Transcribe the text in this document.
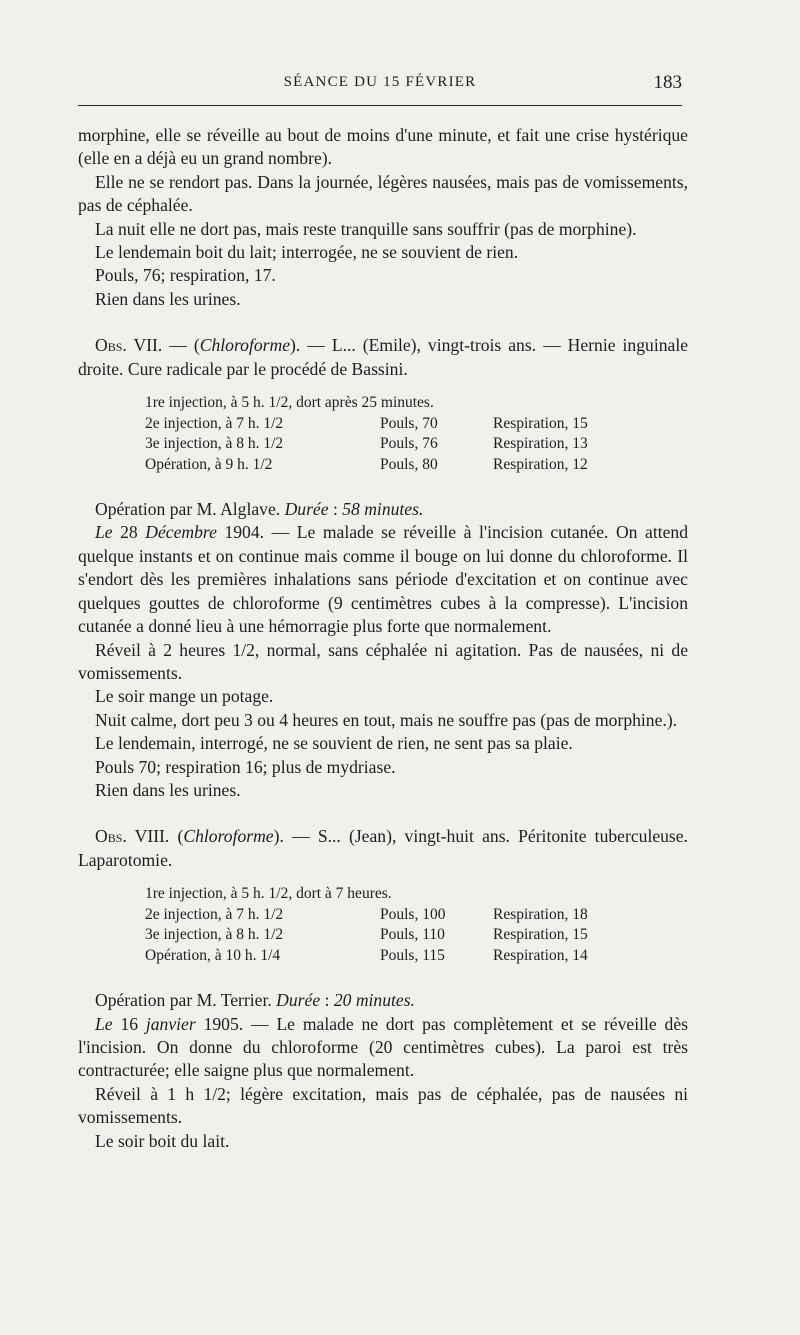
SÉANCE DU 15 FÉVRIER	183

morphine, elle se réveille au bout de moins d'une minute, et fait une crise hystérique (elle en a déjà eu un grand nombre).

Elle ne se rendort pas. Dans la journée, légères nausées, mais pas de vomissements, pas de céphalée.

La nuit elle ne dort pas, mais reste tranquille sans souffrir (pas de morphine).

Le lendemain boit du lait; interrogée, ne se souvient de rien.

Pouls, 76; respiration, 17.

Rien dans les urines.

Obs. VII. — (Chloroforme). — L... (Emile), vingt-trois ans. — Hernie inguinale droite. Cure radicale par le procédé de Bassini.

1re injection, à 5 h. 1/2, dort après 25 minutes.
2e injection, à 7 h. 1/2	Pouls, 70	Respiration, 15
3e injection, à 8 h. 1/2	Pouls, 76	Respiration, 13
Opération, à 9 h. 1/2	Pouls, 80	Respiration, 12

Opération par M. Alglave. Durée : 58 minutes.

Le 28 Décembre 1904. — Le malade se réveille à l'incision cutanée. On attend quelque instants et on continue mais comme il bouge on lui donne du chloroforme. Il s'endort dès les premières inhalations sans période d'excitation et on continue avec quelques gouttes de chloroforme (9 centimètres cubes à la compresse). L'incision cutanée a donné lieu à une hémorragie plus forte que normalement.

Réveil à 2 heures 1/2, normal, sans céphalée ni agitation. Pas de nausées, ni de vomissements.

Le soir mange un potage.

Nuit calme, dort peu 3 ou 4 heures en tout, mais ne souffre pas (pas de morphine.).

Le lendemain, interrogé, ne se souvient de rien, ne sent pas sa plaie.

Pouls 70; respiration 16; plus de mydriase.

Rien dans les urines.

Obs. VIII. (Chloroforme). — S... (Jean), vingt-huit ans. Péritonite tuberculeuse. Laparotomie.

1re injection, à 5 h. 1/2, dort à 7 heures.
2e injection, à 7 h. 1/2	Pouls, 100	Respiration, 18
3e injection, à 8 h. 1/2	Pouls, 110	Respiration, 15
Opération, à 10 h. 1/4	Pouls, 115	Respiration, 14

Opération par M. Terrier. Durée : 20 minutes.

Le 16 janvier 1905. — Le malade ne dort pas complètement et se réveille dès l'incision. On donne du chloroforme (20 centimètres cubes). La paroi est très contracturée; elle saigne plus que normalement.

Réveil à 1 h 1/2; légère excitation, mais pas de céphalée, pas de nausées ni vomissements.

Le soir boit du lait.
